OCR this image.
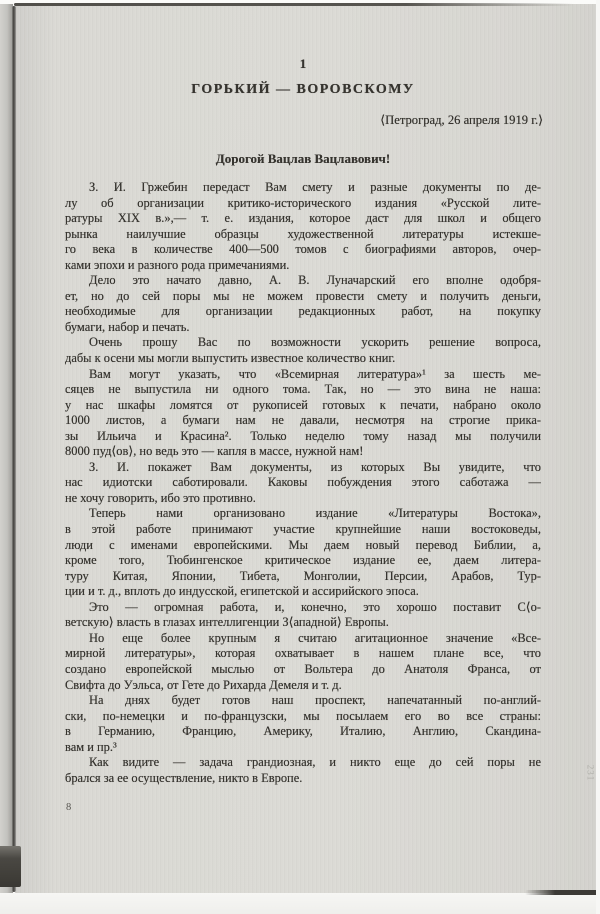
1
ГОРЬКИЙ — ВОРОВСКОМУ
⟨Петроград, 26 апреля 1919 г.⟩
Дорогой Вацлав Вацлавович!
З. И. Гржебин передаст Вам смету и разные документы по де-
лу об организации критико-исторического издания «Русской лите-
ратуры XIX в.»,— т. е. издания, которое даст для школ и общего
рынка наилучшие образцы художественной литературы истекше-
го века в количестве 400—500 томов с биографиями авторов, очер-
ками эпохи и разного рода примечаниями.
Дело это начато давно, А. В. Луначарский его вполне одобря-
ет, но до сей поры мы не можем провести смету и получить деньги,
необходимые для организации редакционных работ, на покупку
бумаги, набор и печать.
Очень прошу Вас по возможности ускорить решение вопроса,
дабы к осени мы могли выпустить известное количество книг.
Вам могут указать, что «Всемирная литература»¹ за шесть ме-
сяцев не выпустила ни одного тома. Так, но — это вина не наша:
у нас шкафы ломятся от рукописей готовых к печати, набрано около
1000 листов, а бумаги нам не давали, несмотря на строгие прика-
зы Ильича и Красина². Только неделю тому назад мы получили
8000 пуд⟨ов⟩, но ведь это — капля в массе, нужной нам!
З. И. покажет Вам документы, из которых Вы увидите, что
нас идиотски саботировали. Каковы побуждения этого саботажа —
не хочу говорить, ибо это противно.
Теперь нами организовано издание «Литературы Востока»,
в этой работе принимают участие крупнейшие наши востоковеды,
люди с именами европейскими. Мы даем новый перевод Библии, а,
кроме того, Тюбингенское критическое издание ее, даем литера-
туру Китая, Японии, Тибета, Монголии, Персии, Арабов, Тур-
ции и т. д., вплоть до индусской, египетской и ассирийского эпоса.
Это — огромная работа, и, конечно, это хорошо поставит С⟨о-
ветскую⟩ власть в глазах интеллигенции З⟨ападной⟩ Европы.
Но еще более крупным я считаю агитационное значение «Все-
мирной литературы», которая охватывает в нашем плане все, что
создано европейской мыслью от Вольтера до Анатоля Франса, от
Свифта до Уэльса, от Гете до Рихарда Демеля и т. д.
На днях будет готов наш проспект, напечатанный по-англий-
ски, по-немецки и по-французски, мы посылаем его во все страны:
в Германию, Францию, Америку, Италию, Англию, Скандина-
вам и пр.³
Как видите — задача грандиозная, и никто еще до сей поры не
брался за ее осуществление, никто в Европе.
8
231
